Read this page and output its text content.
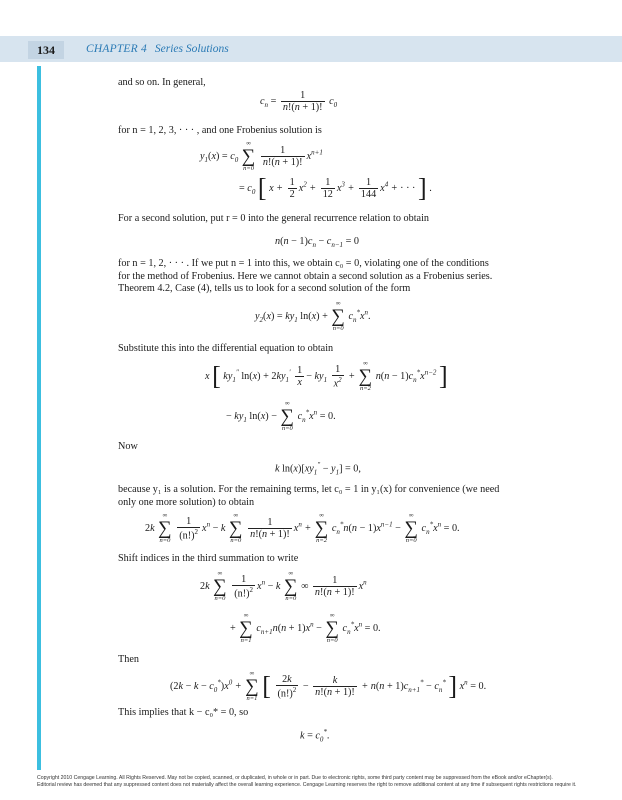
134	CHAPTER 4 Series Solutions
and so on. In general,
$c_n = \frac{1}{n!(n + 1)!} c_0$
for n = 1, 2, 3, · · · , and one Frobenius solution is
$y_1(x) = c_0$
∞
∑
n=0

$\frac{1}{n!(n + 1)!} x^{n+1}$
= $c_0$ [ $x + \frac{1}{2} x^2 + \frac{1}{12} x^3 + \frac{1}{144} x^4$ + · · · ] .
For a second solution, put r = 0 into the general recurrence relation to obtain
$n(n - 1)c_n - c_{n-1} = 0$
for n = 1, 2, · · · . If we put n = 1 into this, we obtain c₀ = 0, violating one of the conditions for the method of Frobenius. Here we cannot obtain a second solution as a Frobenius series. Theorem 4.2, Case (4), tells us to look for a second solution of the form
$y_2(x) = ky_1$ ln(x) +
∞
∑
n=0
$c_n^*x^n$.
Substitute this into the differential equation to obtain
x [ $ky_1''$ $\ln(x) + 2ky_1' \frac{1}{x} - ky_1 \frac{1}{x^2}$ +
∞
∑
n=2
$n(n - 1)c_n^*x^{n-2}$ ]
− $ky_1$ ln(x) −
∞
∑
n=0
$c_n^*x^n = 0$.
Now
k $\ln(x)[xy_1'' - y_1] = 0$,
because y₁ is a solution. For the remaining terms, let c₀ = 1 in y₁(x) for convenience (we need only one more solution) to obtain
2k
∞
∑
n=0
$\frac{1}{(n!)^2} x^n - k$
∞
∑
n=0

$\frac{1}{n!(n + 1)!} x^n$ +
∞
∑
n=2
$c_n^*n(n - 1)x^{n-1}$ −
∞
∑
n=0
$c_n^*x^n = 0$.
Shift indices in the third summation to write
2k
∞
∑
n=0
$\frac{1}{(n!)^2} x^n - k$
∞
∑
n=0
∞ $\frac{1}{n!(n + 1)!} x^n$
+
∞
∑
n=1
$c_{n+1}n(n + 1)x^n$ −
∞
∑
n=0
$c_n^*x^n = 0$.
Then
$(2k - k - c_0^*)x^0$ +
∞
∑
n=1 [ $\frac{2k}{(n!)^2} - \frac{k}{n!(n + 1)!} + n(n + 1)c_{n+1}^* - c_n^*$ ] $x^n = 0$.
This implies that k − c₀* = 0, so
$k = c_0^*$.
Copyright 2010 Cengage Learning. All Rights Reserved. May not be copied, scanned, or duplicated, in whole or in part. Due to electronic rights, some third party content may be suppressed from the eBook and/or eChapter(s).
Editorial review has deemed that any suppressed content does not materially affect the overall learning experience. Cengage Learning reserves the right to remove additional content at any time if subsequent rights restrictions require it.
